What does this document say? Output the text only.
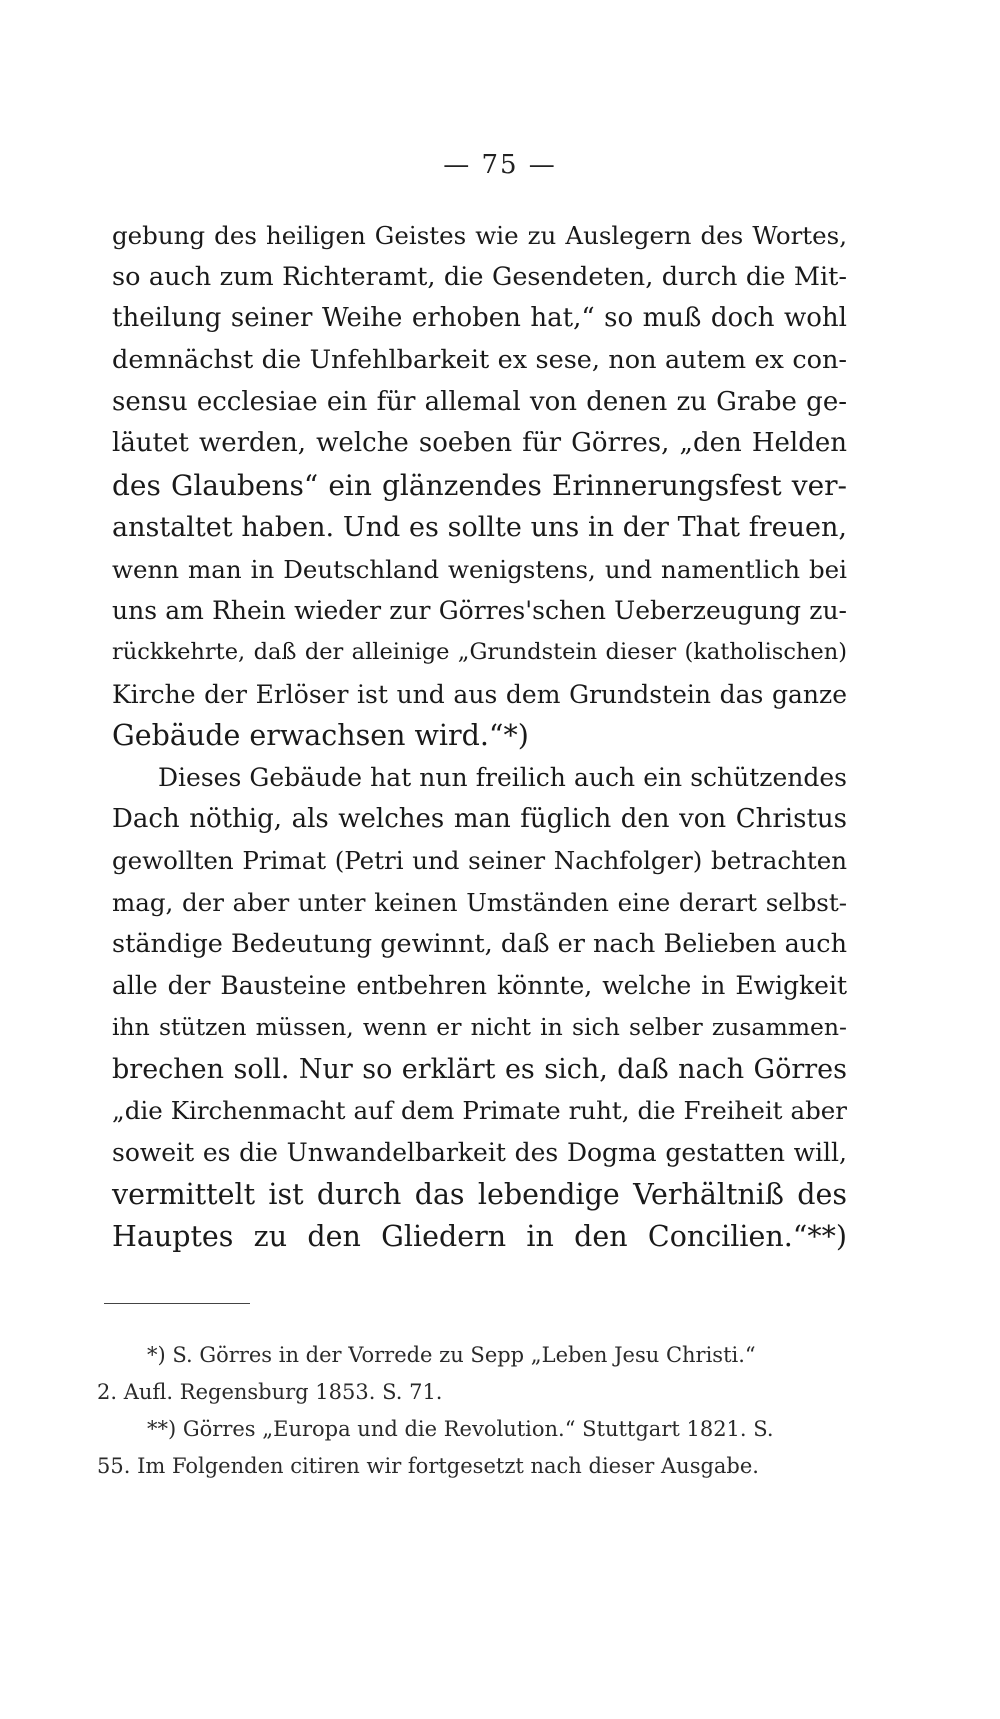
— 75 —
gebung des heiligen Geistes wie zu Auslegern des Wortes,
so auch zum Richteramt, die Gesendeten, durch die Mit-
theilung seiner Weihe erhoben hat,“ so muß doch wohl
demnächst die Unfehlbarkeit ex sese, non autem ex con-
sensu ecclesiae ein für allemal von denen zu Grabe ge-
läutet werden, welche soeben für Görres, „den Helden
des Glaubens“ ein glänzendes Erinnerungsfest ver-
anstaltet haben. Und es sollte uns in der That freuen,
wenn man in Deutschland wenigstens, und namentlich bei
uns am Rhein wieder zur Görres'schen Ueberzeugung zu-
rückkehrte, daß der alleinige „Grundstein dieser (katholischen)
Kirche der Erlöser ist und aus dem Grundstein das ganze
Gebäude erwachsen wird.“*)
Dieses Gebäude hat nun freilich auch ein schützendes
Dach nöthig, als welches man füglich den von Christus
gewollten Primat (Petri und seiner Nachfolger) betrachten
mag, der aber unter keinen Umständen eine derart selbst-
ständige Bedeutung gewinnt, daß er nach Belieben auch
alle der Bausteine entbehren könnte, welche in Ewigkeit
ihn stützen müssen, wenn er nicht in sich selber zusammen-
brechen soll. Nur so erklärt es sich, daß nach Görres
„die Kirchenmacht auf dem Primate ruht, die Freiheit aber
soweit es die Unwandelbarkeit des Dogma gestatten will,
vermittelt ist durch das lebendige Verhältniß des
Hauptes zu den Gliedern in den Concilien.“**)
*) S. Görres in der Vorrede zu Sepp „Leben Jesu Christi.“
2. Aufl. Regensburg 1853. S. 71.
**) Görres „Europa und die Revolution.“ Stuttgart 1821. S.
55. Im Folgenden citiren wir fortgesetzt nach dieser Ausgabe.
